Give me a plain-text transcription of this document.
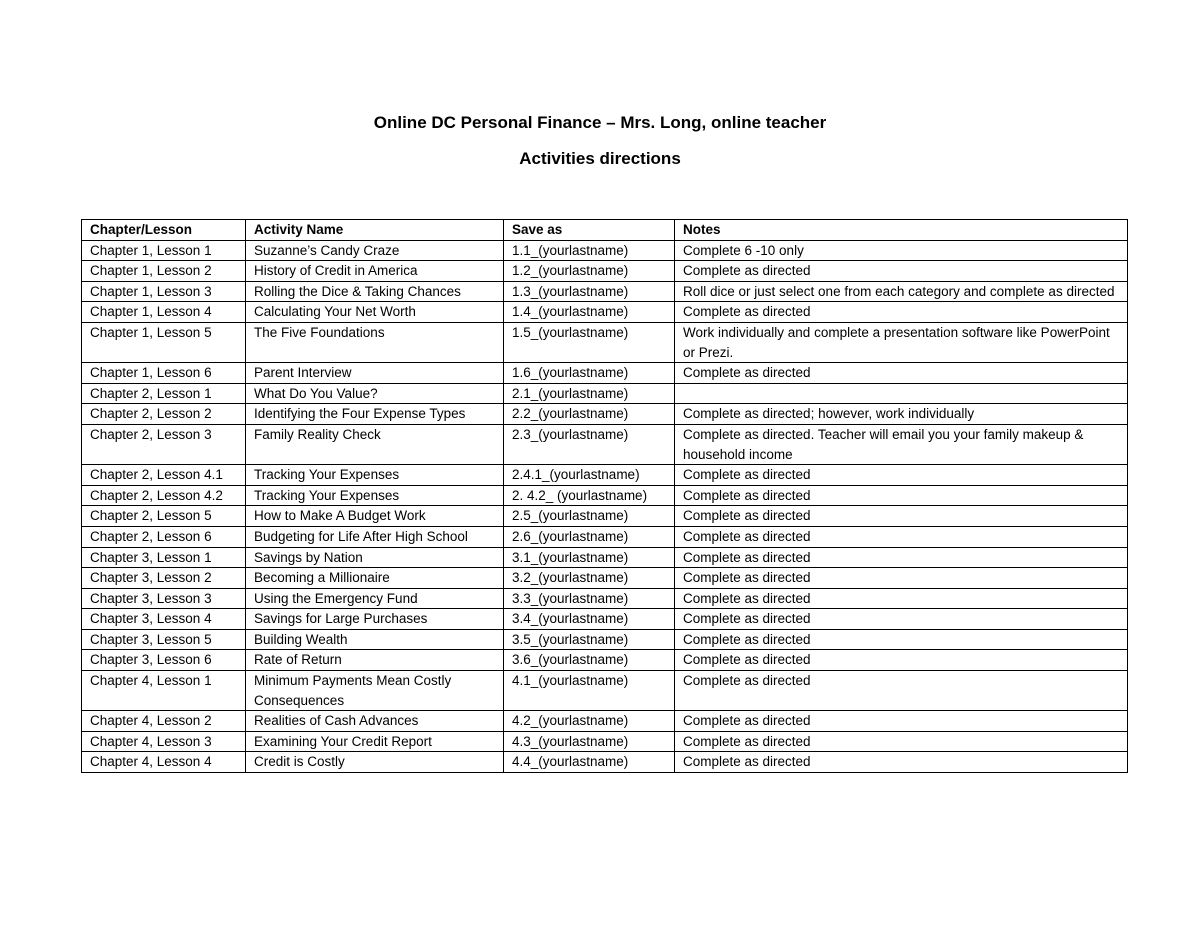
Online DC Personal Finance – Mrs. Long, online teacher
Activities directions
Chapter/Lesson	Activity Name	Save as	Notes
Chapter 1, Lesson 1	Suzanne’s Candy Craze	1.1_(yourlastname)	Complete 6 -10 only
Chapter 1, Lesson 2	History of Credit in America	1.2_(yourlastname)	Complete as directed
Chapter 1, Lesson 3	Rolling the Dice & Taking Chances	1.3_(yourlastname)	Roll dice or just select one from each category and complete as directed
Chapter 1, Lesson 4	Calculating Your Net Worth	1.4_(yourlastname)	Complete as directed
Chapter 1, Lesson 5	The Five Foundations	1.5_(yourlastname)	Work individually and complete a presentation software like PowerPoint or Prezi.
Chapter 1, Lesson 6	Parent Interview	1.6_(yourlastname)	Complete as directed
Chapter 2, Lesson 1	What Do You Value?	2.1_(yourlastname)	
Chapter 2, Lesson 2	Identifying the Four Expense Types	2.2_(yourlastname)	Complete as directed; however, work individually
Chapter 2, Lesson 3	Family Reality Check	2.3_(yourlastname)	Complete as directed. Teacher will email you your family makeup & household income
Chapter 2, Lesson 4.1	Tracking Your Expenses	2.4.1_(yourlastname)	Complete as directed
Chapter 2, Lesson 4.2	Tracking Your Expenses	2. 4.2_ (yourlastname)	Complete as directed
Chapter 2, Lesson 5	How to Make A Budget Work	2.5_(yourlastname)	Complete as directed
Chapter 2, Lesson 6	Budgeting for Life After High School	2.6_(yourlastname)	Complete as directed
Chapter 3, Lesson 1	Savings by Nation	3.1_(yourlastname)	Complete as directed
Chapter 3, Lesson 2	Becoming a Millionaire	3.2_(yourlastname)	Complete as directed
Chapter 3, Lesson 3	Using the Emergency Fund	3.3_(yourlastname)	Complete as directed
Chapter 3, Lesson 4	Savings for Large Purchases	3.4_(yourlastname)	Complete as directed
Chapter 3, Lesson 5	Building Wealth	3.5_(yourlastname)	Complete as directed
Chapter 3, Lesson 6	Rate of Return	3.6_(yourlastname)	Complete as directed
Chapter 4, Lesson 1	Minimum Payments Mean Costly Consequences	4.1_(yourlastname)	Complete as directed
Chapter 4, Lesson 2	Realities of Cash Advances	4.2_(yourlastname)	Complete as directed
Chapter 4, Lesson 3	Examining Your Credit Report	4.3_(yourlastname)	Complete as directed
Chapter 4, Lesson 4	Credit is Costly	4.4_(yourlastname)	Complete as directed
